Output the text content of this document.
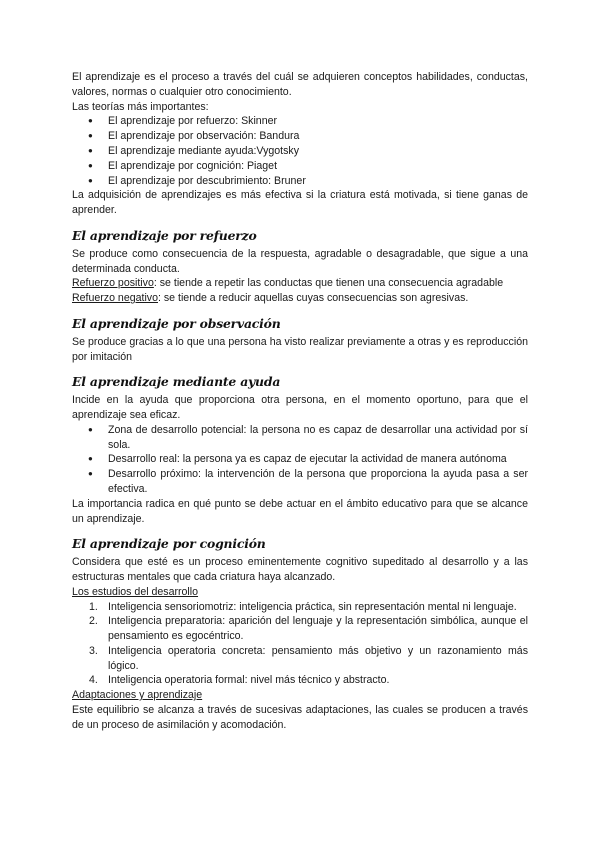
El aprendizaje es el proceso a través del cuál se adquieren conceptos habilidades, conductas, valores, normas o cualquier otro conocimiento.

Las teorías más importantes:

● El aprendizaje por refuerzo: Skinner
● El aprendizaje por observación: Bandura
● El aprendizaje mediante ayuda:Vygotsky
● El aprendizaje por cognición: Piaget
● El aprendizaje por descubrimiento: Bruner

La adquisición de aprendizajes es más efectiva si la criatura está motivada, si tiene ganas de aprender.

El aprendizaje por refuerzo

Se produce como consecuencia de la respuesta, agradable o desagradable, que sigue a una determinada conducta.

Refuerzo positivo: se tiende a repetir las conductas que tienen una consecuencia agradable

Refuerzo negativo: se tiende a reducir aquellas cuyas consecuencias son agresivas.

El aprendizaje por observación

Se produce gracias a lo que una persona ha visto realizar previamente a otras y es reproducción por imitación

El aprendizaje mediante ayuda

Incide en la ayuda que proporciona otra persona, en el momento oportuno, para que el aprendizaje sea eficaz.

● Zona de desarrollo potencial: la persona no es capaz de desarrollar una actividad por sí sola.
● Desarrollo real: la persona ya es capaz de ejecutar la actividad de manera autónoma
● Desarrollo próximo: la intervención de la persona que proporciona la ayuda pasa a ser efectiva.

La importancia radica en qué punto se debe actuar en el ámbito educativo para que se alcance un aprendizaje.

El aprendizaje por cognición

Considera que esté es un proceso eminentemente cognitivo supeditado al desarrollo y a las estructuras mentales que cada criatura haya alcanzado.

Los estudios del desarrollo

1. Inteligencia sensoriomotriz: inteligencia práctica, sin representación mental ni lenguaje.
2. Inteligencia preparatoria: aparición del lenguaje y la representación simbólica, aunque el pensamiento es egocéntrico.
3. Inteligencia operatoria concreta: pensamiento más objetivo y un razonamiento más lógico.
4. Inteligencia operatoria formal: nivel más técnico y abstracto.

Adaptaciones y aprendizaje

Este equilibrio se alcanza a través de sucesivas adaptaciones, las cuales se producen a través de un proceso de asimilación y acomodación.
